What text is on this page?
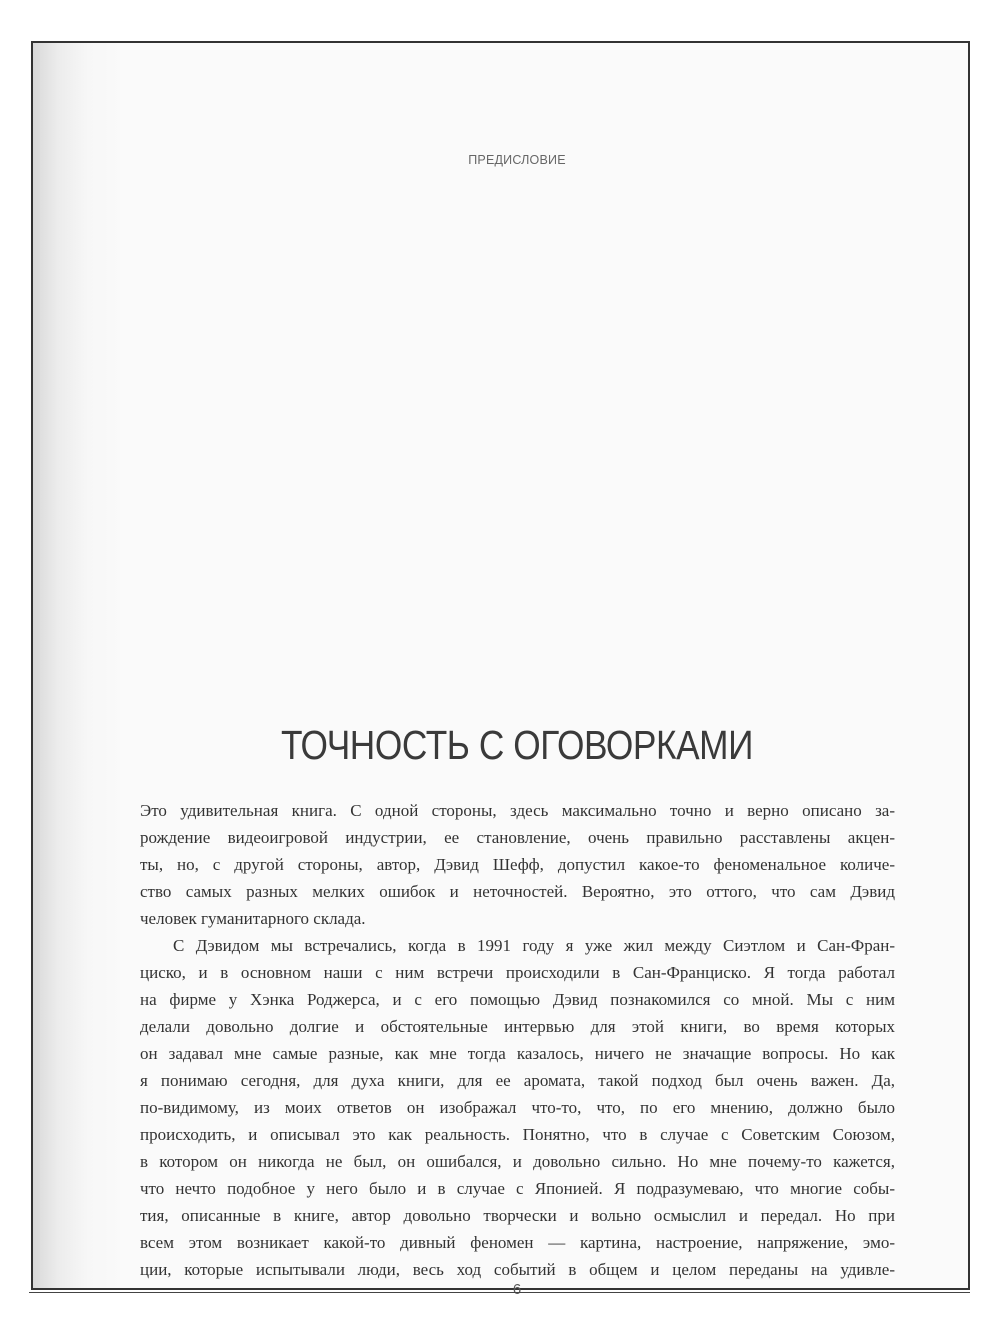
ПРЕДИСЛОВИЕ
ТОЧНОСТЬ С ОГОВОРКАМИ
Это удивительная книга. С одной стороны, здесь максимально точно и верно описано за-
рождение видеоигровой индустрии, ее становление, очень правильно расставлены акцен-
ты, но, с другой стороны, автор, Дэвид Шефф, допустил какое-то феноменальное количе-
ство самых разных мелких ошибок и неточностей. Вероятно, это оттого, что сам Дэвид
человек гуманитарного склада.
С Дэвидом мы встречались, когда в 1991 году я уже жил между Сиэтлом и Сан-Фран-
циско, и в основном наши с ним встречи происходили в Сан-Франциско. Я тогда работал
на фирме у Хэнка Роджерса, и с его помощью Дэвид познакомился со мной. Мы с ним
делали довольно долгие и обстоятельные интервью для этой книги, во время которых
он задавал мне самые разные, как мне тогда казалось, ничего не значащие вопросы. Но как
я понимаю сегодня, для духа книги, для ее аромата, такой подход был очень важен. Да,
по-видимому, из моих ответов он изображал что-то, что, по его мнению, должно было
происходить, и описывал это как реальность. Понятно, что в случае с Советским Союзом,
в котором он никогда не был, он ошибался, и довольно сильно. Но мне почему-то кажется,
что нечто подобное у него было и в случае с Японией. Я подразумеваю, что многие собы-
тия, описанные в книге, автор довольно творчески и вольно осмыслил и передал. Но при
всем этом возникает какой-то дивный феномен — картина, настроение, напряжение, эмо-
ции, которые испытывали люди, весь ход событий в общем и целом переданы на удивле-
6
